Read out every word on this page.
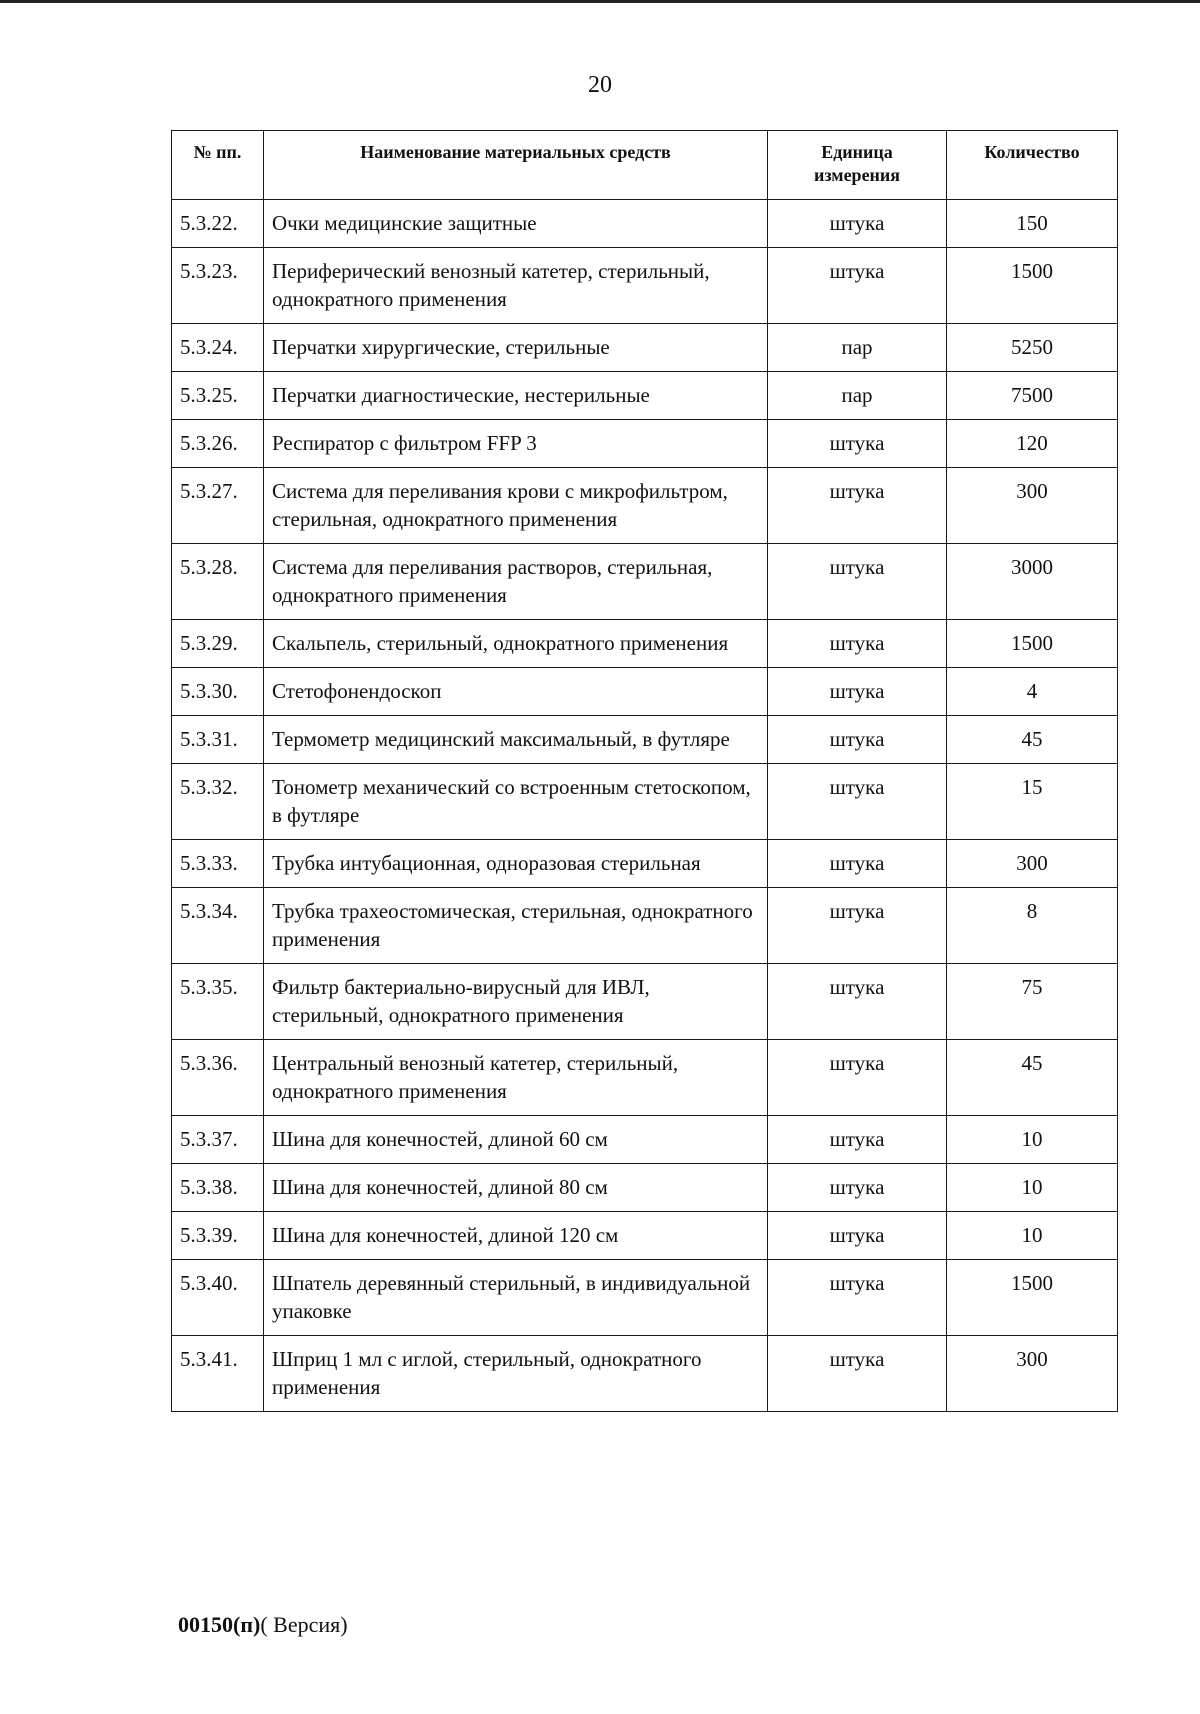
20
№ пп.	Наименование материальных средств	Единица измерения	Количество
5.3.22.	Очки медицинские защитные	штука	150
5.3.23.	Периферический венозный катетер, стерильный, однократного применения	штука	1500
5.3.24.	Перчатки хирургические, стерильные	пар	5250
5.3.25.	Перчатки диагностические, нестерильные	пар	7500
5.3.26.	Респиратор с фильтром FFP 3	штука	120
5.3.27.	Система для переливания крови с микрофильтром, стерильная, однократного применения	штука	300
5.3.28.	Система для переливания растворов, стерильная, однократного применения	штука	3000
5.3.29.	Скальпель, стерильный, однократного применения	штука	1500
5.3.30.	Стетофонендоскоп	штука	4
5.3.31.	Термометр медицинский максимальный, в футляре	штука	45
5.3.32.	Тонометр механический со встроенным стетоскопом, в футляре	штука	15
5.3.33.	Трубка интубационная, одноразовая стерильная	штука	300
5.3.34.	Трубка трахеостомическая, стерильная, однократного применения	штука	8
5.3.35.	Фильтр бактериально-вирусный для ИВЛ, стерильный, однократного применения	штука	75
5.3.36.	Центральный венозный катетер, стерильный, однократного применения	штука	45
5.3.37.	Шина для конечностей, длиной 60 см	штука	10
5.3.38.	Шина для конечностей, длиной 80 см	штука	10
5.3.39.	Шина для конечностей, длиной 120 см	штука	10
5.3.40.	Шпатель деревянный стерильный, в индивидуальной упаковке	штука	1500
5.3.41.	Шприц 1 мл с иглой, стерильный, однократного применения	штука	300
00150(п)( Версия)
